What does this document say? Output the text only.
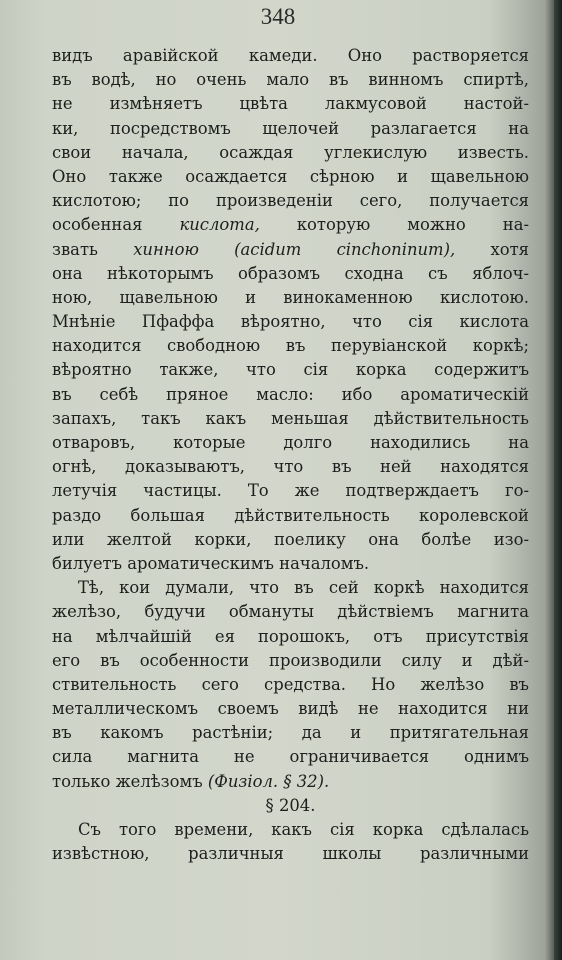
348
видъ аравійской камеди. Оно растворяется
въ водѣ, но очень мало въ винномъ спиртѣ,
не измѣняетъ цвѣта лакмусовой настой-
ки, посредствомъ щелочей разлагается на
свои начала, осаждая углекислую известь.
Оно также осаждается сѣрною и щавельною
кислотою; по произведеніи сего, получается
особенная кислота, которую можно на-
звать хинною (acidum cinchoninum), хотя
она нѣкоторымъ образомъ сходна съ яблоч-
ною, щавельною и винокаменною кислотою.
Мнѣніе Пфаффа вѣроятно, что сія кислота
находится свободною въ перувіанской коркѣ;
вѣроятно также, что сія корка содержитъ
въ себѣ пряное масло: ибо ароматическій
запахъ, такъ какъ меньшая дѣйствительность
отваровъ, которые долго находились на
огнѣ, доказываютъ, что въ ней находятся
летучія частицы. То же подтверждаетъ го-
раздо большая дѣйствительность королевской
или желтой корки, поелику она болѣе изо-
билуетъ ароматическимъ началомъ.
Тѣ, кои думали, что въ сей коркѣ находится
желѣзо, будучи обмануты дѣйствіемъ магнита
на мѣлчайшій ея порошокъ, отъ присутствія
его въ особенности производили силу и дѣй-
ствительность сего средства. Но желѣзо въ
металлическомъ своемъ видѣ не находится ни
въ какомъ растѣніи; да и притягательная
сила магнита не ограничивается однимъ
только желѣзомъ (Физіол. § 32).
§ 204.
Съ того времени, какъ сія корка сдѣлалась
извѣстною, различныя школы различными
